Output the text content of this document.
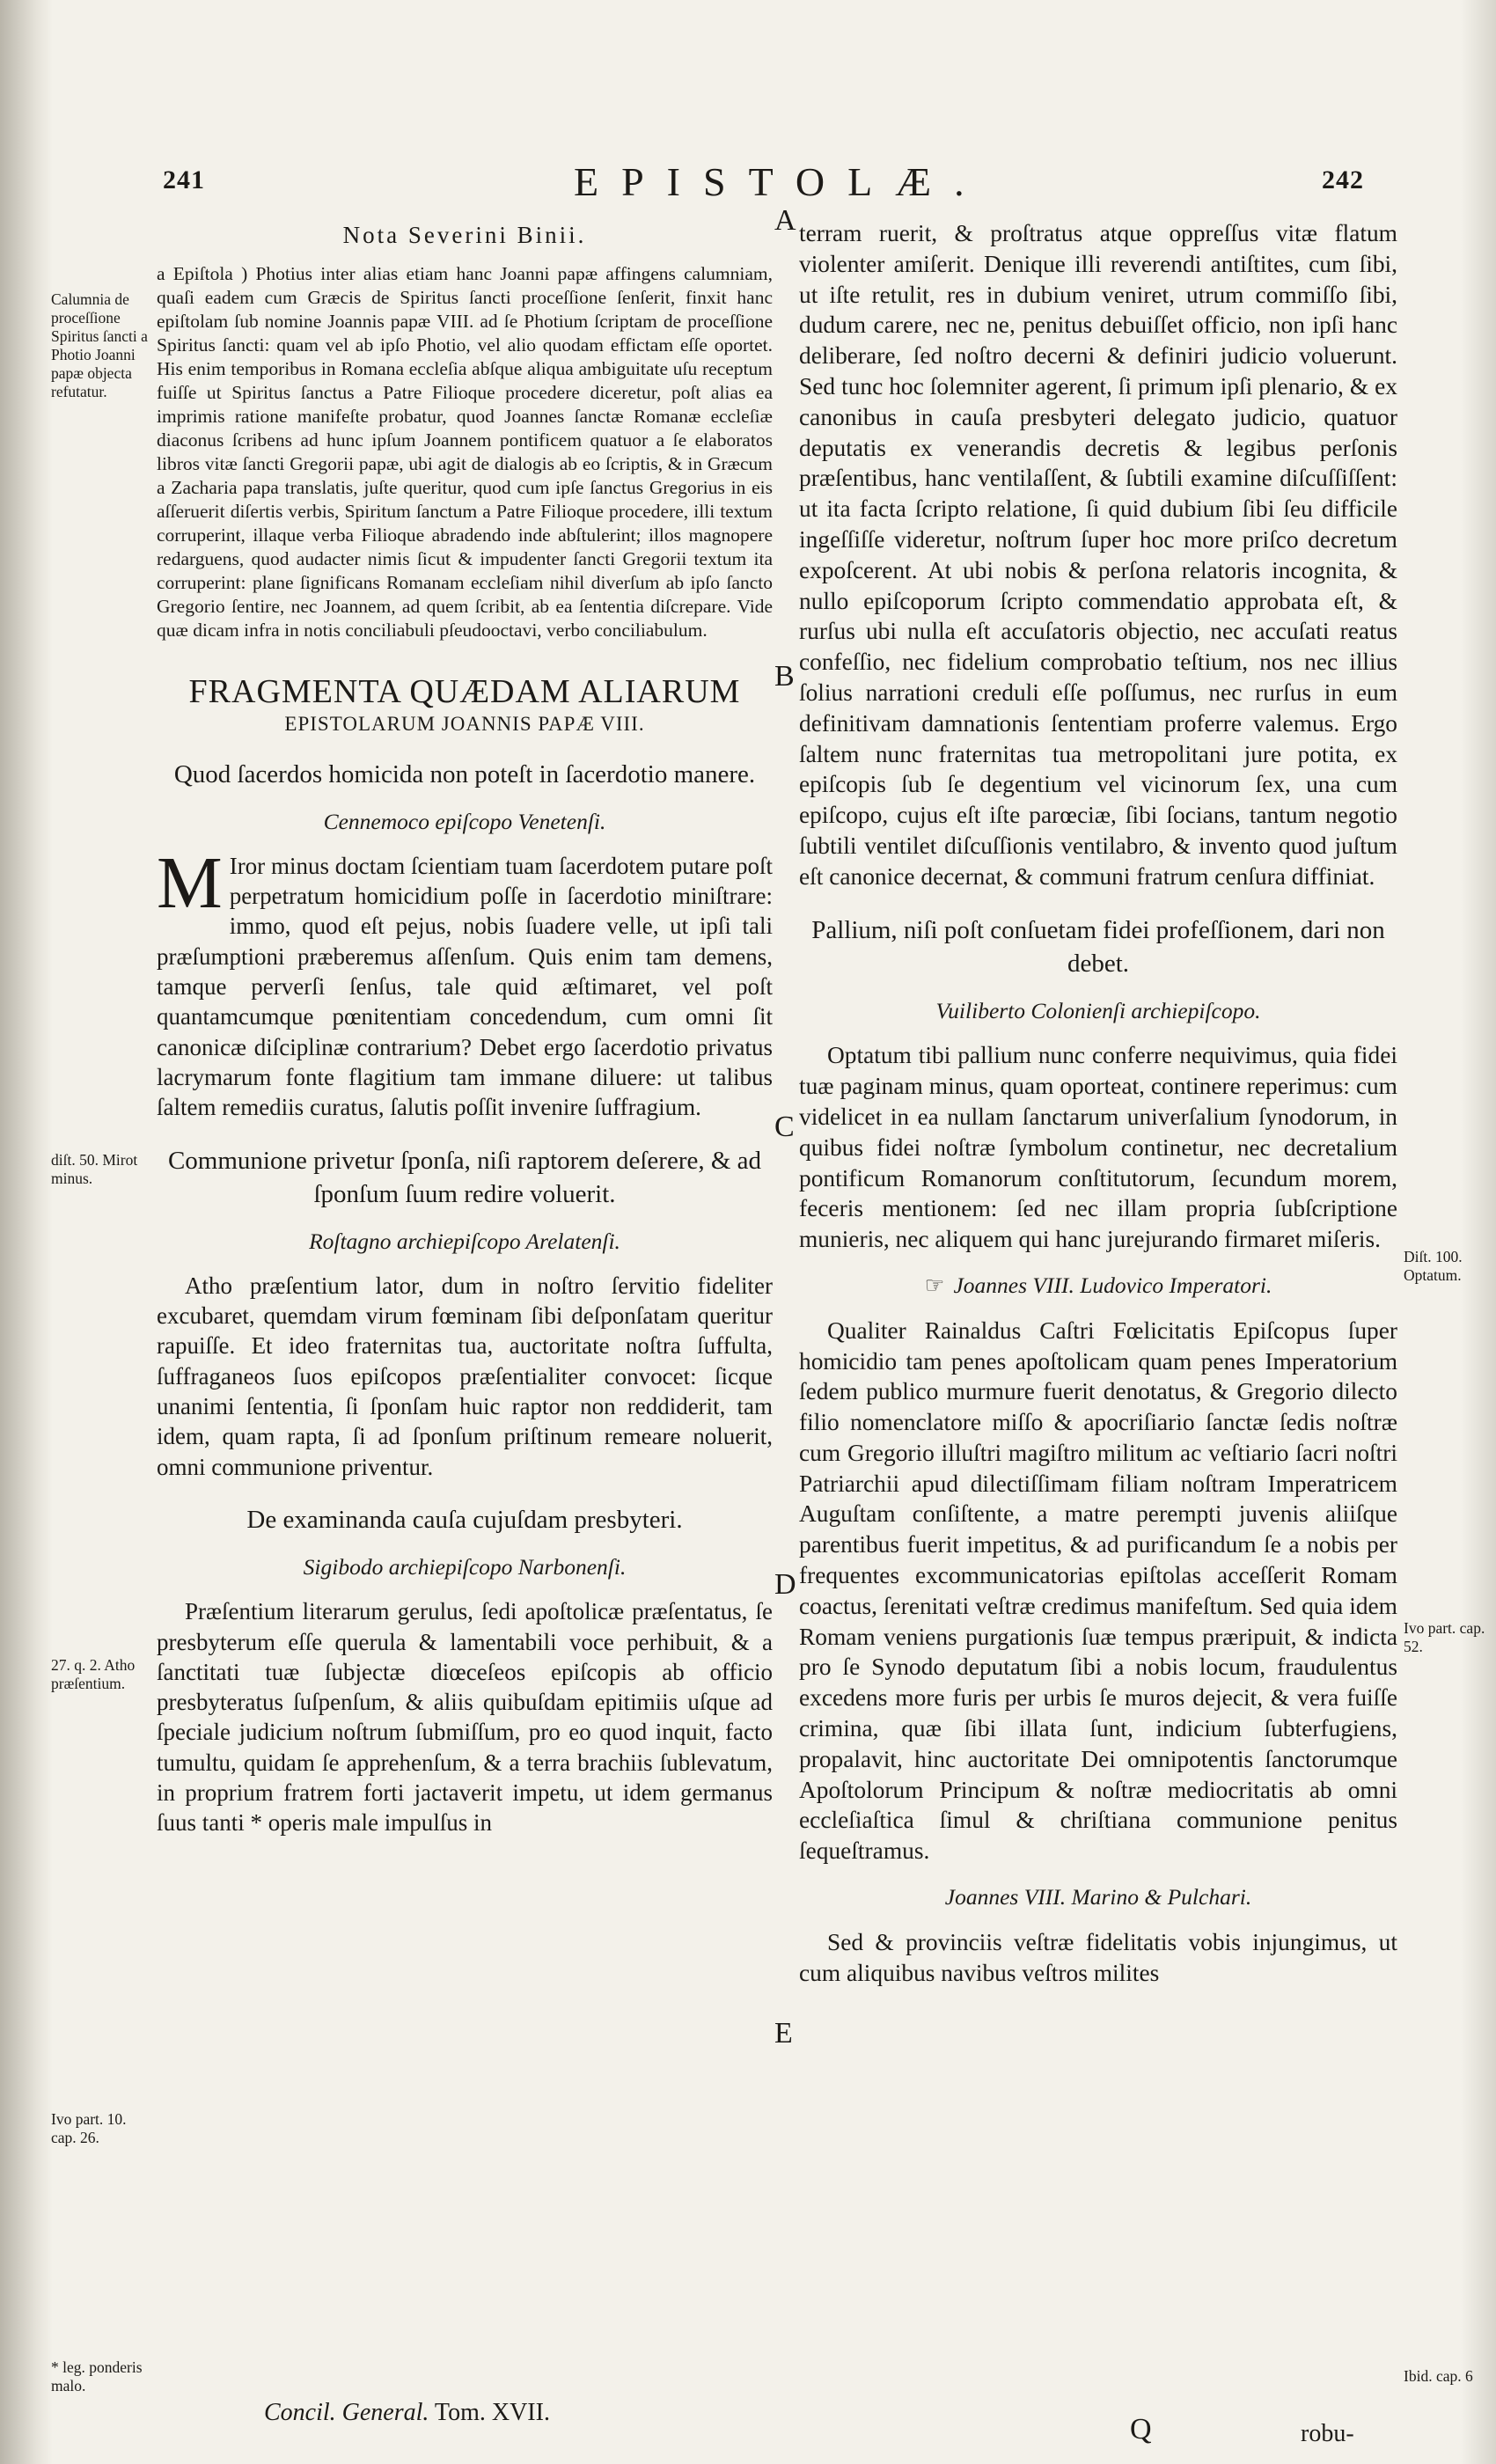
241	EPISTOLÆ.	242
Nota Severini Binii.

a Epiſtola ) Photius inter alias etiam hanc Joanni papæ affingens calumniam, quaſi eadem cum Græcis de Spiritus ſancti proceſſione ſenſerit, finxit hanc epiſtolam ſub nomine Joannis papæ VIII. ad ſe Photium ſcriptam de proceſſione Spiritus ſancti: quam vel ab ipſo Photio, vel alio quodam effictam eſſe oportet. His enim temporibus in Romana eccleſia abſque aliqua ambiguitate uſu receptum fuiſſe ut Spiritus ſanctus a Patre Filioque procedere diceretur, poſt alias ea imprimis ratione manifeſte probatur, quod Joannes ſanctæ Romanæ eccleſiæ diaconus ſcribens ad hunc ipſum Joannem pontificem quatuor a ſe elaboratos libros vitæ ſancti Gregorii papæ, ubi agit de dialogis ab eo ſcriptis, & in Græcum a Zacharia papa translatis, juſte queritur, quod cum ipſe ſanctus Gregorius in eis aſſeruerit diſertis verbis, Spiritum ſanctum a Patre Filioque procedere, illi textum corruperint, illaque verba Filioque abradendo inde abſtulerint; illos magnopere redarguens, quod audacter nimis ſicut & impudenter ſancti Gregorii textum ita corruperint: plane ſignificans Romanam eccleſiam nihil diverſum ab ipſo ſancto Gregorio ſentire, nec Joannem, ad quem ſcribit, ab ea ſententia diſcrepare. Vide quæ dicam infra in notis conciliabuli pſeudooctavi, verbo conciliabulum.

FRAGMENTA QUÆDAM ALIARUM
EPISTOLARUM JOANNIS PAPÆ VIII.
Quod ſacerdos homicida non poteſt in ſacerdotio manere.
Cennemoco epiſcopo Venetenſi.

M Iror minus doctam ſcientiam tuam ſacerdotem putare poſt perpetratum homicidium poſſe in ſacerdotio miniſtrare: immo, quod eſt pejus, nobis ſuadere velle, ut ipſi tali præſumptioni præberemus aſſenſum. Quis enim tam demens, tamque perverſi ſenſus, tale quid æſtimaret, vel poſt quantamcumque pœnitentiam concedendum, cum omni ſit canonicæ diſciplinæ contrarium? Debet ergo ſacerdotio privatus lacrymarum fonte flagitium tam immane diluere: ut talibus ſaltem remediis curatus, ſalutis poſſit invenire ſuffragium.

Communione privetur ſponſa, niſi raptorem deſerere, & ad ſponſum ſuum redire voluerit.
Roſtagno archiepiſcopo Arelatenſi.

Atho præſentium lator, dum in noſtro ſervitio fideliter excubaret, quemdam virum fœminam ſibi deſponſatam queritur rapuiſſe. Et ideo fraternitas tua, auctoritate noſtra ſuffulta, ſuffraganeos ſuos epiſcopos præſentialiter convocet: ſicque unanimi ſententia, ſi ſponſam huic raptor non reddiderit, tam idem, quam rapta, ſi ad ſponſum priſtinum remeare noluerit, omni communione priventur.

De examinanda cauſa cujuſdam presbyteri.
Sigibodo archiepiſcopo Narbonenſi.

Præſentium literarum gerulus, ſedi apoſtolicæ præſentatus, ſe presbyterum eſſe querula & lamentabili voce perhibuit, & a ſanctitati tuæ ſubjectæ diœceſeos epiſcopis ab officio presbyteratus ſuſpenſum, & aliis quibuſdam epitimiis uſque ad ſpeciale judicium noſtrum ſubmiſſum, pro eo quod inquit, facto tumultu, quidam ſe apprehenſum, & a terra brachiis ſublevatum, in proprium fratrem forti jactaverit impetu, ut idem germanus ſuus tanti * operis male impulſus in

terram ruerit, & proſtratus atque oppreſſus vitæ flatum violenter amiſerit. Denique illi reverendi antiſtites, cum ſibi, ut iſte retulit, res in dubium veniret, utrum commiſſo ſibi, dudum carere, nec ne, penitus debuiſſet officio, non ipſi hanc deliberare, ſed noſtro decerni & definiri judicio voluerunt. Sed tunc hoc ſolemniter agerent, ſi primum ipſi plenario, & ex canonibus in cauſa presbyteri delegato judicio, quatuor deputatis ex venerandis decretis & legibus perſonis præſentibus, hanc ventilaſſent, & ſubtili examine diſcuſſiſſent: ut ita facta ſcripto relatione, ſi quid dubium ſibi ſeu difficile ingeſſiſſe videretur, noſtrum ſuper hoc more priſco decretum expoſcerent. At ubi nobis & perſona relatoris incognita, & nullo epiſcoporum ſcripto commendatio approbata eſt, & rurſus ubi nulla eſt accuſatoris objectio, nec accuſati reatus confeſſio, nec fidelium comprobatio teſtium, nos nec illius ſolius narrationi creduli eſſe poſſumus, nec rurſus in eum definitivam damnationis ſententiam proferre valemus. Ergo ſaltem nunc fraternitas tua metropolitani jure potita, ex epiſcopis ſub ſe degentium vel vicinorum ſex, una cum epiſcopo, cujus eſt iſte parœciæ, ſibi ſocians, tantum negotio ſubtili ventilet diſcuſſionis ventilabro, & invento quod juſtum eſt canonice decernat, & communi fratrum cenſura diffiniat.

Pallium, niſi poſt conſuetam fidei profeſſionem, dari non debet.
Vuiliberto Colonienſi archiepiſcopo.

Optatum tibi pallium nunc conferre nequivimus, quia fidei tuæ paginam minus, quam oporteat, continere reperimus: cum videlicet in ea nullam ſanctarum univerſalium ſynodorum, in quibus fidei noſtræ ſymbolum continetur, nec decretalium pontificum Romanorum conſtitutorum, ſecundum morem, feceris mentionem: ſed nec illam propria ſubſcriptione munieris, nec aliquem qui hanc jurejurando firmaret miſeris.

☞ Joannes VIII. Ludovico Imperatori.

Qualiter Rainaldus Caſtri Fœlicitatis Epiſcopus ſuper homicidio tam penes apoſtolicam quam penes Imperatorium ſedem publico murmure fuerit denotatus, & Gregorio dilecto filio nomenclatore miſſo & apocriſiario ſanctæ ſedis noſtræ cum Gregorio illuſtri magiſtro militum ac veſtiario ſacri noſtri Patriarchii apud dilectiſſimam filiam noſtram Imperatricem Auguſtam conſiſtente, a matre perempti juvenis aliiſque parentibus fuerit impetitus, & ad purificandum ſe a nobis per frequentes excommunicatorias epiſtolas acceſſerit Romam coactus, ſerenitati veſtræ credimus manifeſtum. Sed quia idem Romam veniens purgationis ſuæ tempus præripuit, & indicta pro ſe Synodo deputatum ſibi a nobis locum, fraudulentus excedens more furis per urbis ſe muros dejecit, & vera fuiſſe crimina, quæ ſibi illata ſunt, indicium ſubterfugiens, propalavit, hinc auctoritate Dei omnipotentis ſanctorumque Apoſtolorum Principum & noſtræ mediocritatis ab omni eccleſiaſtica ſimul & chriſtiana communione penitus ſequeſtramus.

Joannes VIII. Marino & Pulchari.

Sed & provinciis veſtræ fidelitatis vobis injungimus, ut cum aliquibus navibus veſtros milites

A
B
C
D
E
Calumnia de proceſſione Spiritus ſancti a Photio Joanni papæ objecta refutatur.
diſt. 50. Mirot minus.
27. q. 2. Atho præſentium.
Ivo part. 10. cap. 26.
* leg. ponderis malo.
Diſt. 100. Optatum.
Ivo part. cap. 52.
Ibid. cap. 6
Concil. General. Tom. XVII.
Q	robu-
